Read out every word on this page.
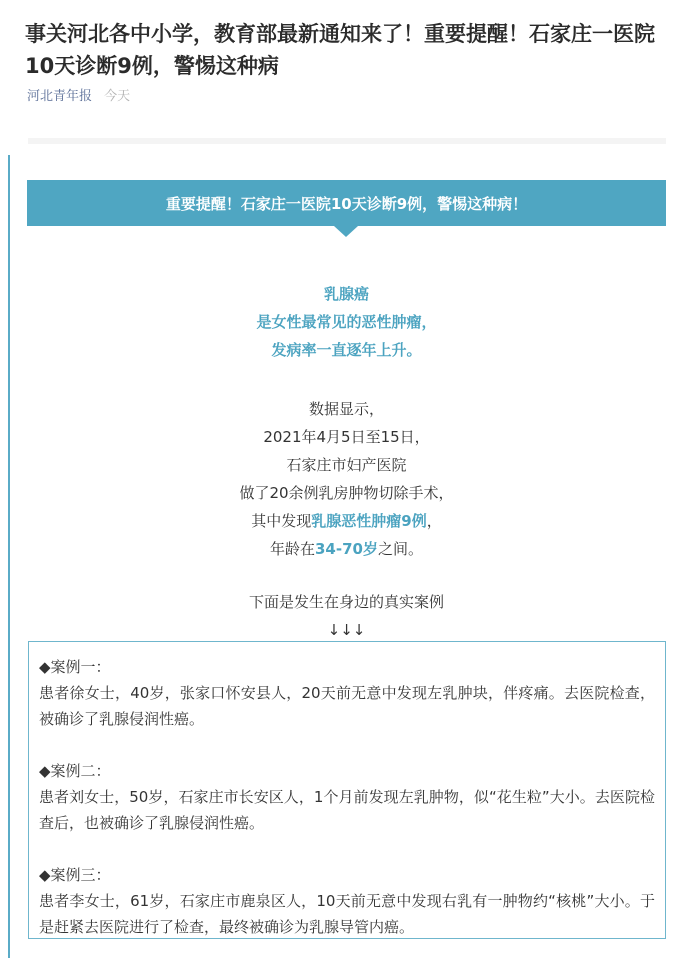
事关河北各中小学，教育部最新通知来了！重要提醒！石家庄一医院10天诊断9例，警惕这种病
河北青年报 今天
重要提醒！石家庄一医院10天诊断9例，警惕这种病！
乳腺癌
是女性最常见的恶性肿瘤，
发病率一直逐年上升。
数据显示，
2021年4月5日至15日，
石家庄市妇产医院
做了20余例乳房肿物切除手术，
其中发现乳腺恶性肿瘤9例，
年龄在34-70岁之间。
下面是发生在身边的真实案例
↓↓↓
◆案例一：
患者徐女士，40岁，张家口怀安县人，20天前无意中发现左乳肿块，伴疼痛。去医院检查，被确诊了乳腺侵润性癌。
◆案例二：
患者刘女士，50岁，石家庄市长安区人，1个月前发现左乳肿物，似“花生粒”大小。去医院检查后，也被确诊了乳腺侵润性癌。
◆案例三：
患者李女士，61岁，石家庄市鹿泉区人，10天前无意中发现右乳有一肿物约“核桃”大小。于是赶紧去医院进行了检查，最终被确诊为乳腺导管内癌。
